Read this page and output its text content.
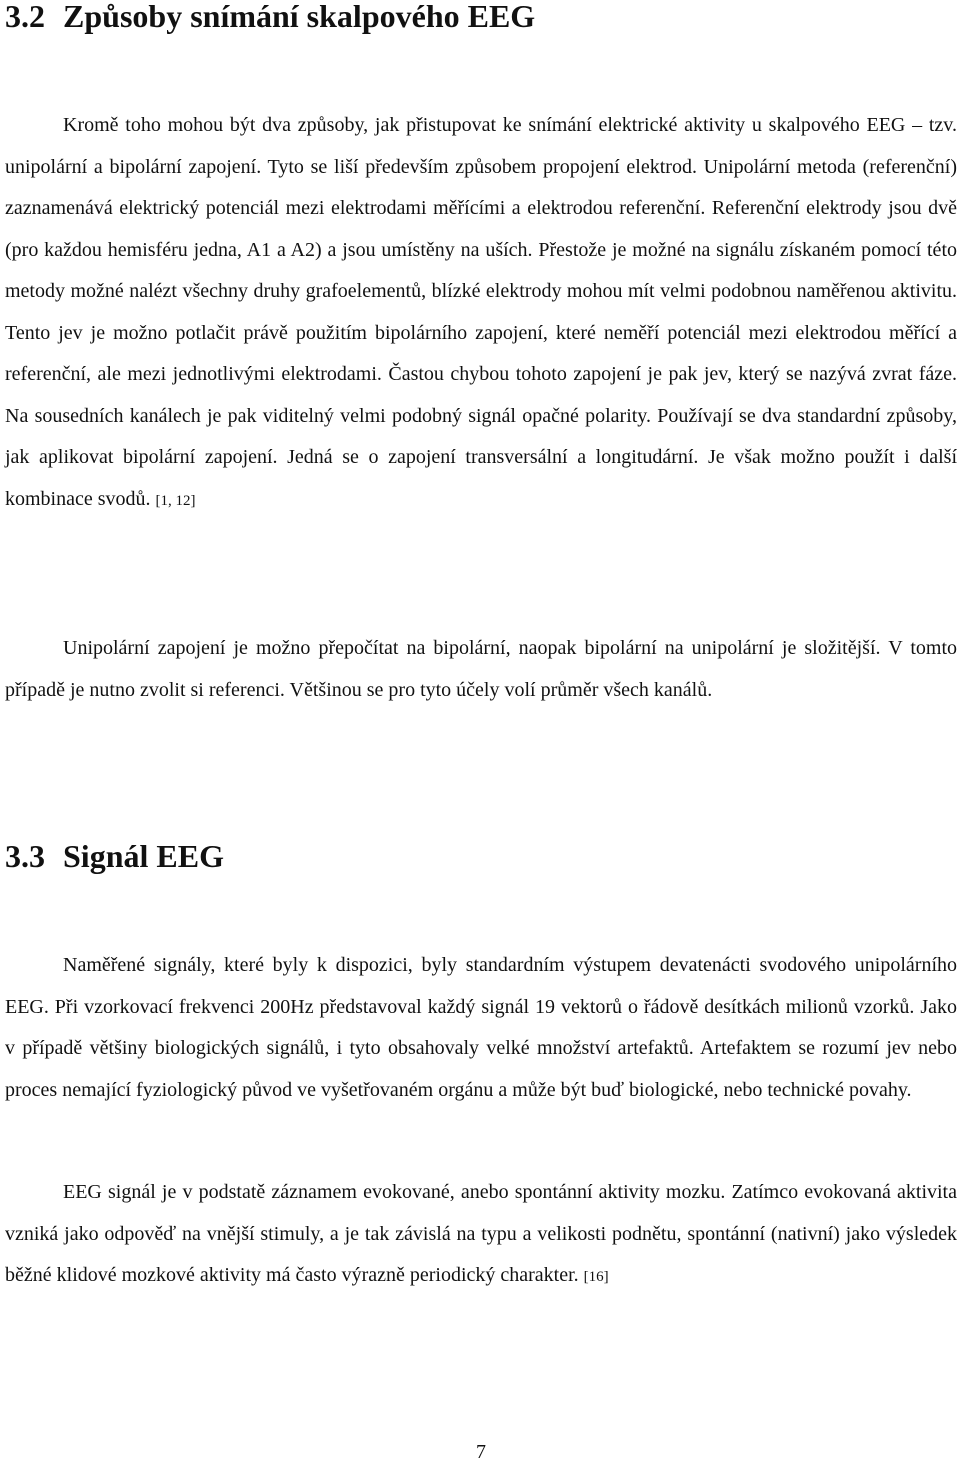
3.2 Způsoby snímání skalpového EEG

Kromě toho mohou být dva způsoby, jak přistupovat ke snímání elektrické aktivity u skalpového EEG – tzv. unipolární a bipolární zapojení. Tyto se liší především způsobem propojení elektrod. Unipolární metoda (referenční) zaznamenává elektrický potenciál mezi elektrodami měřícími a elektrodou referenční. Referenční elektrody jsou dvě (pro každou hemisféru jedna, A1 a A2) a jsou umístěny na uších. Přestože je možné na signálu získaném pomocí této metody možné nalézt všechny druhy grafoelementů, blízké elektrody mohou mít velmi podobnou naměřenou aktivitu. Tento jev je možno potlačit právě použitím bipolárního zapojení, které neměří potenciál mezi elektrodou měřící a referenční, ale mezi jednotlivými elektrodami. Častou chybou tohoto zapojení je pak jev, který se nazývá zvrat fáze. Na sousedních kanálech je pak viditelný velmi podobný signál opačné polarity. Používají se dva standardní způsoby, jak aplikovat bipolární zapojení. Jedná se o zapojení transversální a longitudární. Je však možno použít i další kombinace svodů. [1, 12]

Unipolární zapojení je možno přepočítat na bipolární, naopak bipolární na unipolární je složitější. V tomto případě je nutno zvolit si referenci. Většinou se pro tyto účely volí průměr všech kanálů.

3.3 Signál EEG

Naměřené signály, které byly k dispozici, byly standardním výstupem devatenácti svodového unipolárního EEG. Při vzorkovací frekvenci 200Hz představoval každý signál 19 vektorů o řádově desítkách milionů vzorků. Jako v případě většiny biologických signálů, i tyto obsahovaly velké množství artefaktů. Artefaktem se rozumí jev nebo proces nemající fyziologický původ ve vyšetřovaném orgánu a může být buď biologické, nebo technické povahy.

EEG signál je v podstatě záznamem evokované, anebo spontánní aktivity mozku. Zatímco evokovaná aktivita vzniká jako odpověď na vnější stimuly, a je tak závislá na typu a velikosti podnětu, spontánní (nativní) jako výsledek běžné klidové mozkové aktivity má často výrazně periodický charakter. [16]

7
